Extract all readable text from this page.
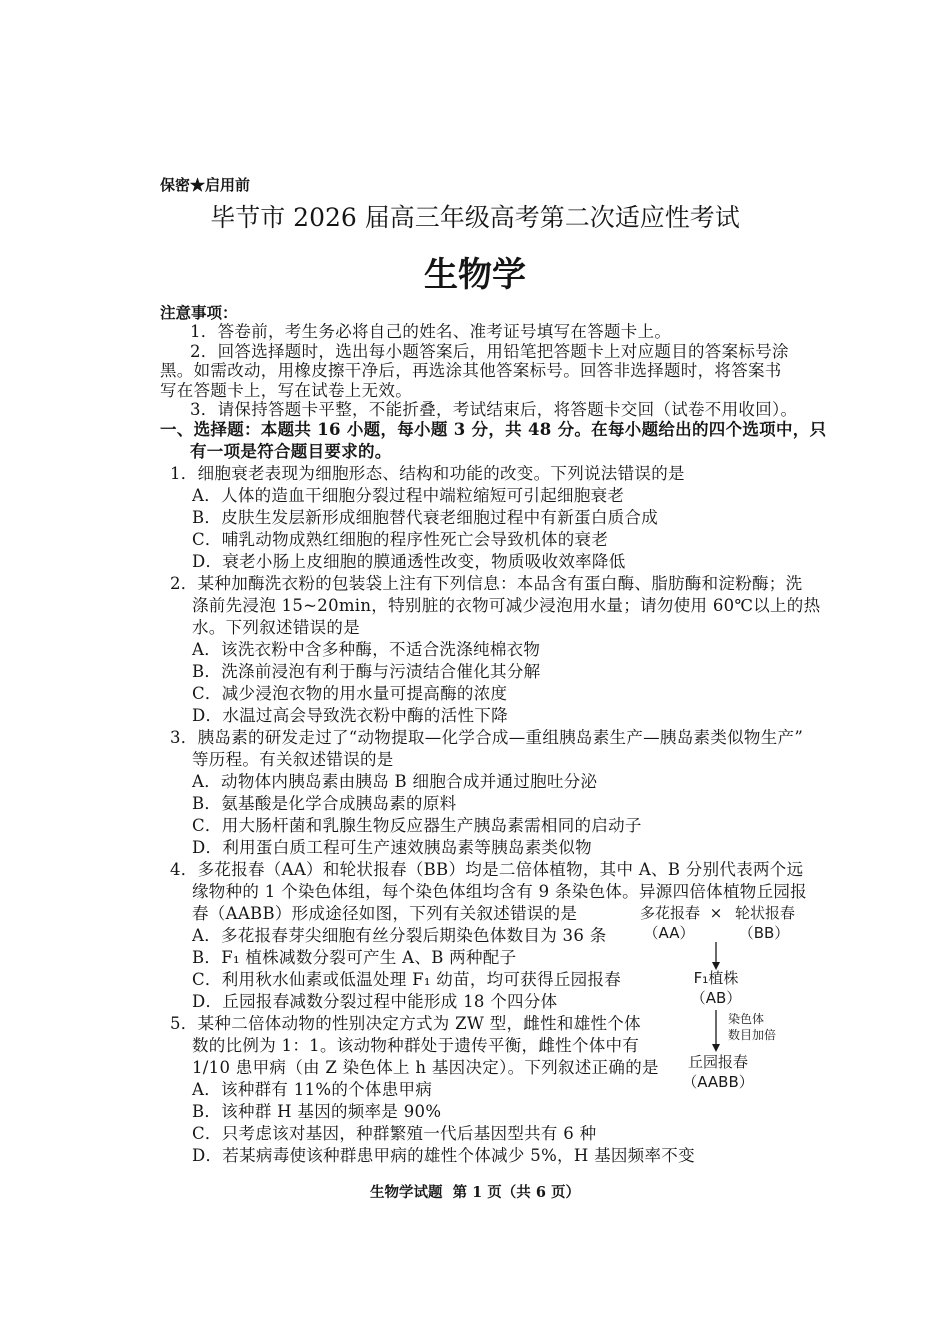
保密★启用前
毕节市 2026 届高三年级高考第二次适应性考试
生物学
注意事项：
1．答卷前，考生务必将自己的姓名、准考证号填写在答题卡上。
2．回答选择题时，选出每小题答案后，用铅笔把答题卡上对应题目的答案标号涂
黑。如需改动，用橡皮擦干净后，再选涂其他答案标号。回答非选择题时，将答案书
写在答题卡上，写在试卷上无效。
3．请保持答题卡平整，不能折叠，考试结束后，将答题卡交回（试卷不用收回）。
一、选择题：本题共 16 小题，每小题 3 分，共 48 分。在每小题给出的四个选项中，只
有一项是符合题目要求的。
1．细胞衰老表现为细胞形态、结构和功能的改变。下列说法错误的是
A．人体的造血干细胞分裂过程中端粒缩短可引起细胞衰老
B．皮肤生发层新形成细胞替代衰老细胞过程中有新蛋白质合成
C．哺乳动物成熟红细胞的程序性死亡会导致机体的衰老
D．衰老小肠上皮细胞的膜通透性改变，物质吸收效率降低
2．某种加酶洗衣粉的包装袋上注有下列信息：本品含有蛋白酶、脂肪酶和淀粉酶；洗
涤前先浸泡 15~20min，特别脏的衣物可减少浸泡用水量；请勿使用 60℃以上的热
水。下列叙述错误的是
A．该洗衣粉中含多种酶，不适合洗涤纯棉衣物
B．洗涤前浸泡有利于酶与污渍结合催化其分解
C．减少浸泡衣物的用水量可提高酶的浓度
D．水温过高会导致洗衣粉中酶的活性下降
3．胰岛素的研发走过了“动物提取—化学合成—重组胰岛素生产—胰岛素类似物生产”
等历程。有关叙述错误的是
A．动物体内胰岛素由胰岛 B 细胞合成并通过胞吐分泌
B．氨基酸是化学合成胰岛素的原料
C．用大肠杆菌和乳腺生物反应器生产胰岛素需相同的启动子
D．利用蛋白质工程可生产速效胰岛素等胰岛素类似物
4．多花报春（AA）和轮状报春（BB）均是二倍体植物，其中 A、B 分别代表两个远
缘物种的 1 个染色体组，每个染色体组均含有 9 条染色体。异源四倍体植物丘园报
春（AABB）形成途径如图，下列有关叙述错误的是
A．多花报春芽尖细胞有丝分裂后期染色体数目为 36 条
B．F₁ 植株减数分裂可产生 A、B 两种配子
C．利用秋水仙素或低温处理 F₁ 幼苗，均可获得丘园报春
D．丘园报春减数分裂过程中能形成 18 个四分体
5．某种二倍体动物的性别决定方式为 ZW 型，雌性和雄性个体
数的比例为 1：1。该动物种群处于遗传平衡，雌性个体中有
1/10 患甲病（由 Z 染色体上 h 基因决定）。下列叙述正确的是
A．该种群有 11%的个体患甲病
B．该种群 H 基因的频率是 90%
C．只考虑该对基因，种群繁殖一代后基因型共有 6 种
D．若某病毒使该种群患甲病的雄性个体减少 5%，H 基因频率不变
多花报春 × 轮状报春
（AA）	（BB）
F₁植株
（AB）
染色体
数目加倍
丘园报春
（AABB）
生物学试题  第 1 页（共 6 页）
